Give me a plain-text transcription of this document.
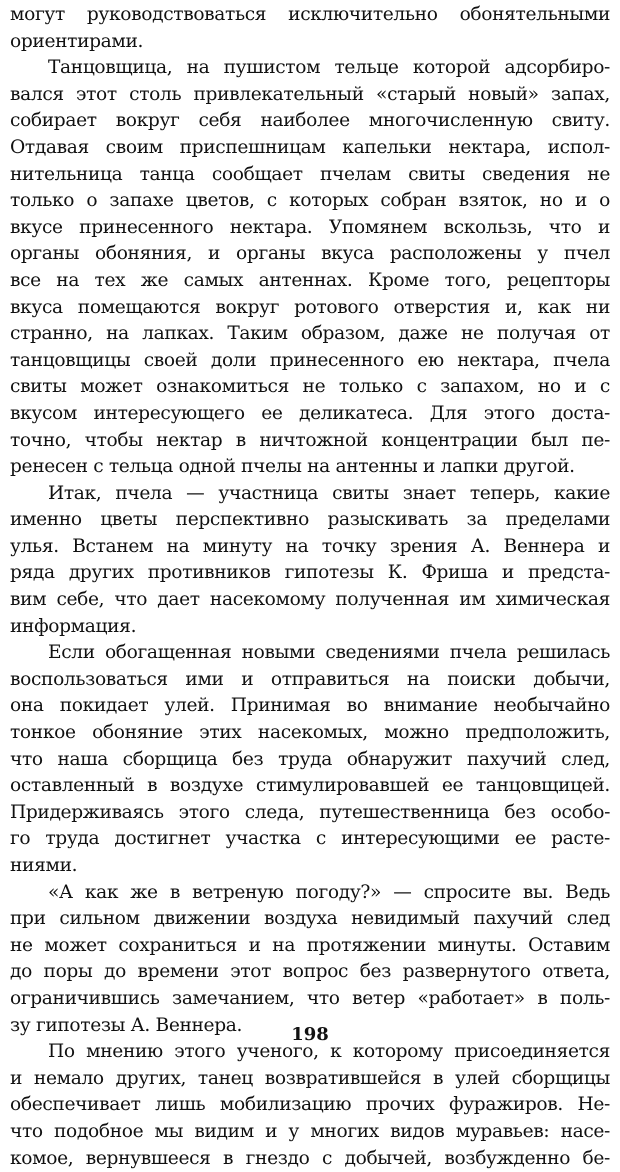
могут руководствоваться исключительно обонятельными
ориентирами.
Танцовщица, на пушистом тельце которой адсорбиро-
вался этот столь привлекательный «старый новый» запах,
собирает вокруг себя наиболее многочисленную свиту.
Отдавая своим приспешницам капельки нектара, испол-
нительница танца сообщает пчелам свиты сведения не
только о запахе цветов, с которых собран взяток, но и о
вкусе принесенного нектара. Упомянем вскользь, что и
органы обоняния, и органы вкуса расположены у пчел
все на тех же самых антеннах. Кроме того, рецепторы
вкуса помещаются вокруг ротового отверстия и, как ни
странно, на лапках. Таким образом, даже не получая от
танцовщицы своей доли принесенного ею нектара, пчела
свиты может ознакомиться не только с запахом, но и с
вкусом интересующего ее деликатеса. Для этого доста-
точно, чтобы нектар в ничтожной концентрации был пе-
ренесен с тельца одной пчелы на антенны и лапки другой.
Итак, пчела — участница свиты знает теперь, какие
именно цветы перспективно разыскивать за пределами
улья. Встанем на минуту на точку зрения А. Веннера и
ряда других противников гипотезы К. Фриша и предста-
вим себе, что дает насекомому полученная им химическая
информация.
Если обогащенная новыми сведениями пчела решилась
воспользоваться ими и отправиться на поиски добычи,
она покидает улей. Принимая во внимание необычайно
тонкое обоняние этих насекомых, можно предположить,
что наша сборщица без труда обнаружит пахучий след,
оставленный в воздухе стимулировавшей ее танцовщицей.
Придерживаясь этого следа, путешественница без особо-
го труда достигнет участка с интересующими ее расте-
ниями.
«А как же в ветреную погоду?» — спросите вы. Ведь
при сильном движении воздуха невидимый пахучий след
не может сохраниться и на протяжении минуты. Оставим
до поры до времени этот вопрос без развернутого ответа,
ограничившись замечанием, что ветер «работает» в поль-
зу гипотезы А. Веннера.
По мнению этого ученого, к которому присоединяется
и немало других, танец возвратившейся в улей сборщицы
обеспечивает лишь мобилизацию прочих фуражиров. Не-
что подобное мы видим и у многих видов муравьев: насе-
комое, вернувшееся в гнездо с добычей, возбужденно бе-
198
